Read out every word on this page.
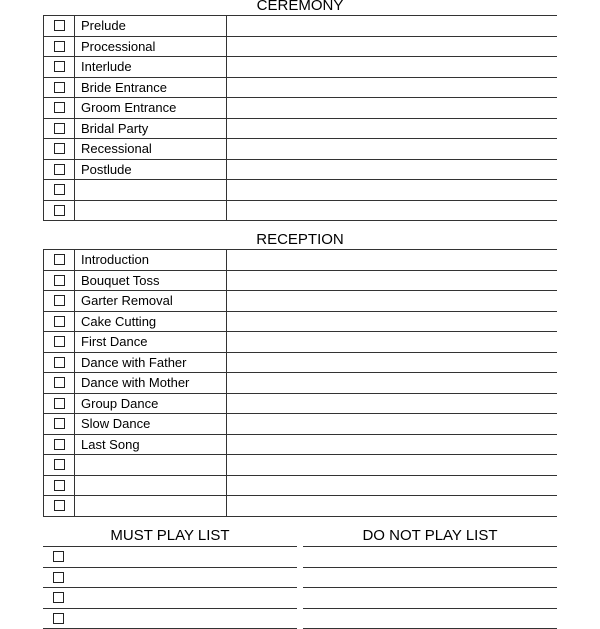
CEREMONY
Prelude
Processional
Interlude
Bride Entrance
Groom Entrance
Bridal Party
Recessional
Postlude
RECEPTION
Introduction
Bouquet Toss
Garter Removal
Cake Cutting
First Dance
Dance with Father
Dance with Mother
Group Dance
Slow Dance
Last Song
MUST PLAY LIST	DO NOT PLAY LIST
